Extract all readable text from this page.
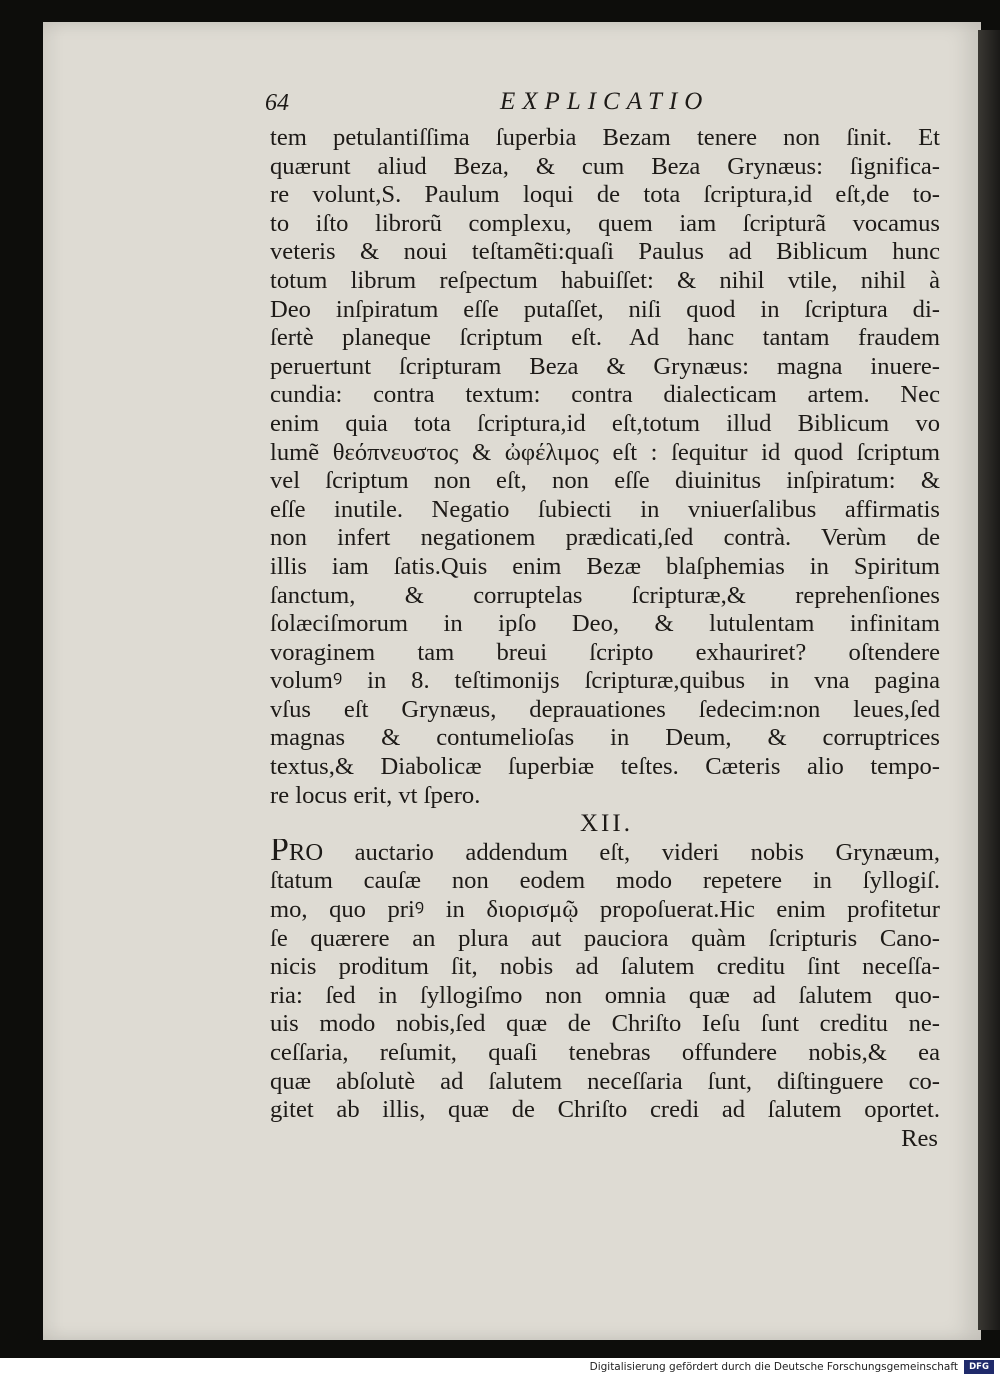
64	EXPLICATIO
tem petulantiſſima ſuperbia Bezam tenere non ſinit. Et
quærunt aliud Beza, & cum Beza Grynæus: ſignifica-
re volunt,S. Paulum loqui de tota ſcriptura,id eſt,de to-
to iſto librorũ complexu, quem iam ſcripturã vocamus
veteris & noui teſtamẽti:quaſi Paulus ad Biblicum hunc
totum librum reſpectum habuiſſet: & nihil vtile, nihil à
Deo inſpiratum eſſe putaſſet, niſi quod in ſcriptura di-
ſertè planeque ſcriptum eſt. Ad hanc tantam fraudem
peruertunt ſcripturam Beza & Grynæus: magna inuere-
cundia: contra textum: contra dialecticam artem. Nec
enim quia tota ſcriptura,id eſt,totum illud Biblicum vo
lumẽ θεόπνευστος & ὠφέλιμος eſt : ſequitur id quod ſcriptum
vel ſcriptum non eſt, non eſſe diuinitus inſpiratum: &
eſſe inutile. Negatio ſubiecti in vniuerſalibus affirmatis
non infert negationem prædicati,ſed contrà. Verùm de
illis iam ſatis.Quis enim Bezæ blaſphemias in Spiritum
ſanctum, & corruptelas ſcripturæ,& reprehenſiones
ſolæciſmorum in ipſo Deo, & lutulentam infinitam
voraginem tam breui ſcripto exhauriret? oſtendere
volumꝰ in 8. teſtimonijs ſcripturæ,quibus in vna pagina
vſus eſt Grynæus, deprauationes ſedecim:non leues,ſed
magnas & contumelioſas in Deum, & corruptrices
textus,& Diabolicæ ſuperbiæ teſtes. Cæteris alio tempo-
re locus erit, vt ſpero.
XII.
PRO auctario addendum eſt, videri nobis Grynæum,
ſtatum cauſæ non eodem modo repetere in ſyllogiſ.
mo, quo priꝰ in διορισμῷ propoſuerat.Hic enim profitetur
ſe quærere an plura aut pauciora quàm ſcripturis Cano-
nicis proditum ſit, nobis ad ſalutem creditu ſint neceſſa-
ria: ſed in ſyllogiſmo non omnia quæ ad ſalutem quo-
uis modo nobis,ſed quæ de Chriſto Ieſu ſunt creditu ne-
ceſſaria, reſumit, quaſi tenebras offundere nobis,& ea
quæ abſolutè ad ſalutem neceſſaria ſunt, diſtinguere co-
gitet ab illis, quæ de Chriſto credi ad ſalutem oportet.
Res
Digitalisierung gefördert durch die Deutsche Forschungsgemeinschaft	DFG
